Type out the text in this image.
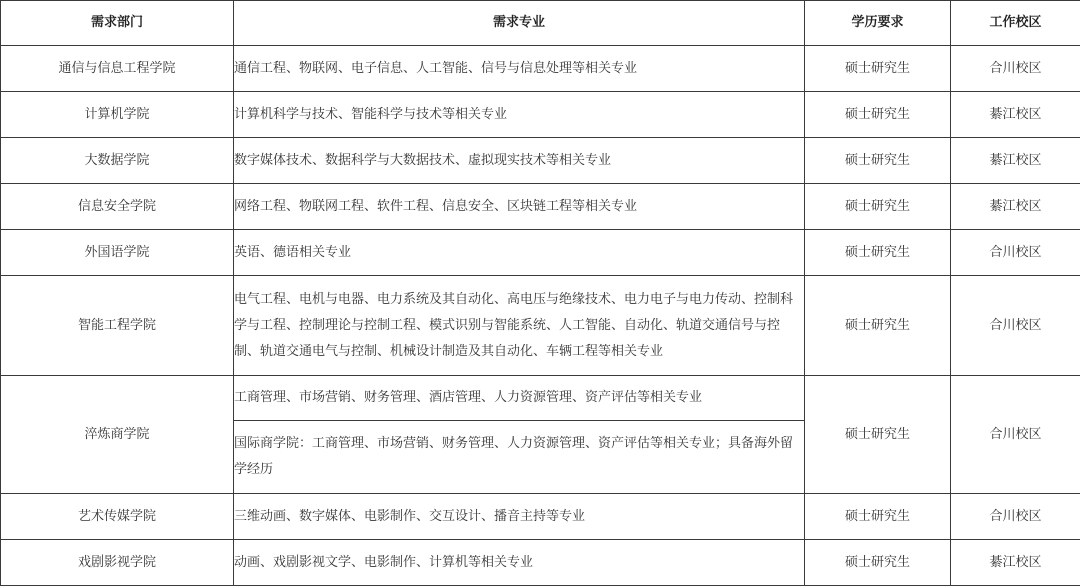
需求部门	需求专业	学历要求	工作校区
通信与信息工程学院	通信工程、物联网、电子信息、人工智能、信号与信息处理等相关专业	硕士研究生	合川校区
计算机学院	计算机科学与技术、智能科学与技术等相关专业	硕士研究生	綦江校区
大数据学院	数字媒体技术、数据科学与大数据技术、虚拟现实技术等相关专业	硕士研究生	綦江校区
信息安全学院	网络工程、物联网工程、软件工程、信息安全、区块链工程等相关专业	硕士研究生	綦江校区
外国语学院	英语、德语相关专业	硕士研究生	合川校区
智能工程学院	电气工程、电机与电器、电力系统及其自动化、高电压与绝缘技术、电力电子与电力传动、控制科学与工程、控制理论与控制工程、模式识别与智能系统、人工智能、自动化、轨道交通信号与控制、轨道交通电气与控制、机械设计制造及其自动化、车辆工程等相关专业	硕士研究生	合川校区
淬炼商学院	工商管理、市场营销、财务管理、酒店管理、人力资源管理、资产评估等相关专业	硕士研究生	合川校区
	国际商学院：工商管理、市场营销、财务管理、人力资源管理、资产评估等相关专业；具备海外留学经历		
艺术传媒学院	三维动画、数字媒体、电影制作、交互设计、播音主持等专业	硕士研究生	合川校区
戏剧影视学院	动画、戏剧影视文学、电影制作、计算机等相关专业	硕士研究生	綦江校区
